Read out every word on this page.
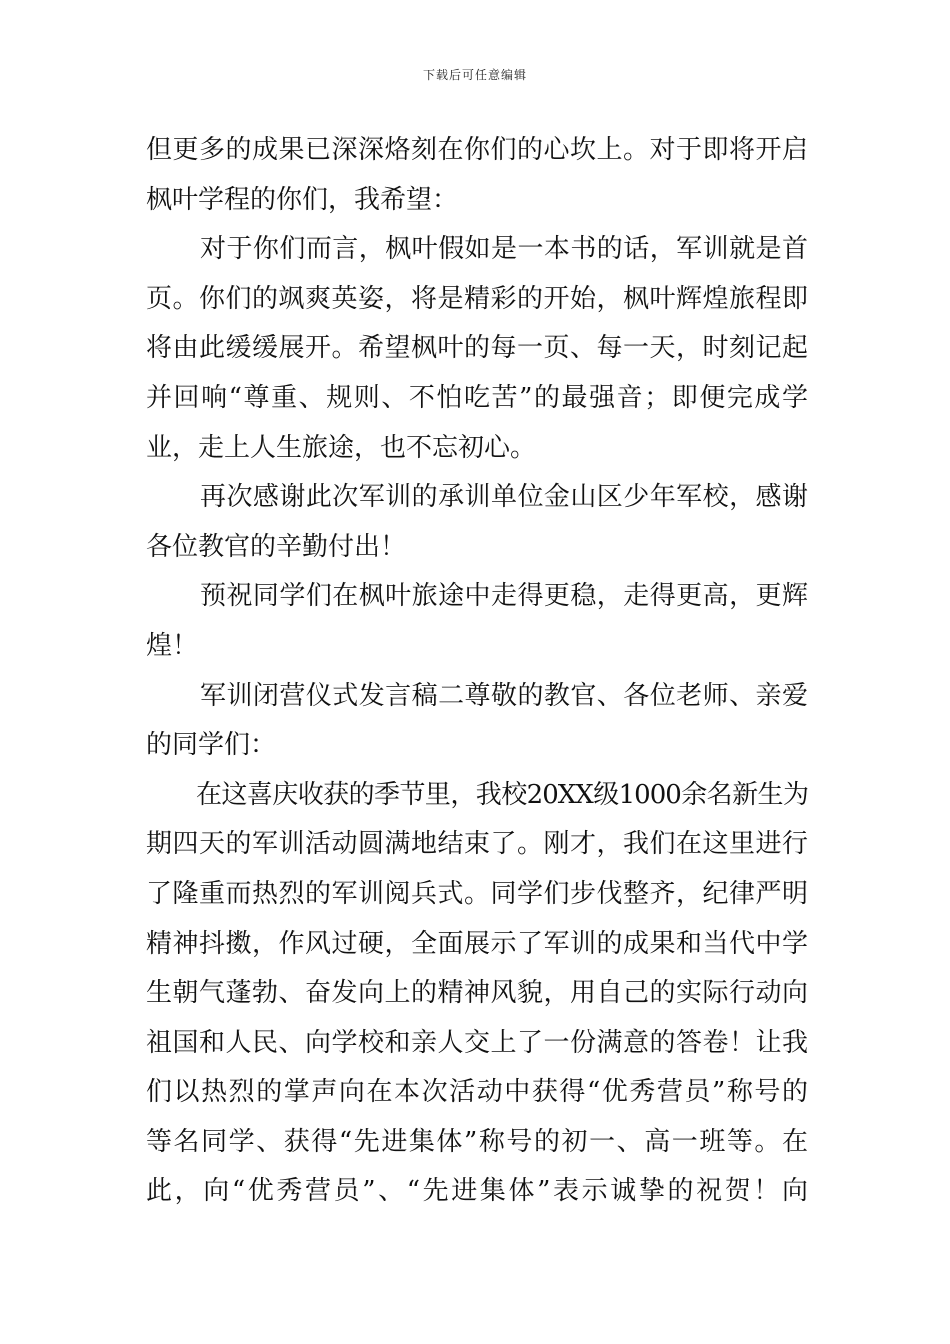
下载后可任意编辑
但更多的成果已深深烙刻在你们的心坎上。对于即将开启
枫叶学程的你们，我希望：
对于你们而言，枫叶假如是一本书的话，军训就是首
页。你们的飒爽英姿，将是精彩的开始，枫叶辉煌旅程即
将由此缓缓展开。希望枫叶的每一页、每一天，时刻记起
并回响“尊重、规则、不怕吃苦”的最强音；即便完成学
业，走上人生旅途，也不忘初心。
再次感谢此次军训的承训单位金山区少年军校，感谢
各位教官的辛勤付出！
预祝同学们在枫叶旅途中走得更稳，走得更高，更辉
煌！
军训闭营仪式发言稿二尊敬的教官、各位老师、亲爱
的同学们：
在这喜庆收获的季节里，我校20XX级1000余名新生为
期四天的军训活动圆满地结束了。刚才，我们在这里进行
了隆重而热烈的军训阅兵式。同学们步伐整齐，纪律严明
精神抖擞，作风过硬，全面展示了军训的成果和当代中学
生朝气蓬勃、奋发向上的精神风貌，用自己的实际行动向
祖国和人民、向学校和亲人交上了一份满意的答卷！让我
们以热烈的掌声向在本次活动中获得“优秀营员”称号的
等名同学、获得“先进集体”称号的初一、高一班等。在
此，向“优秀营员”、“先进集体”表示诚挚的祝贺！向
